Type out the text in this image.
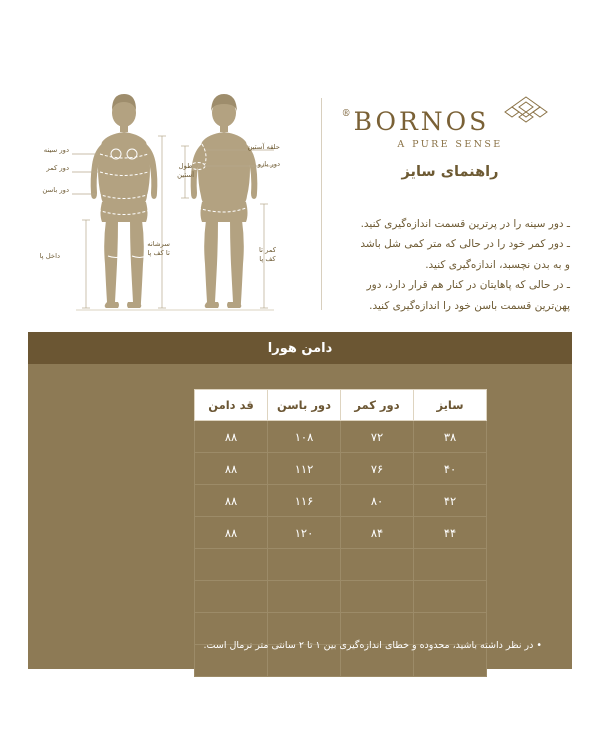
دور سینه
دور کمر
دور باسن
داخل پا
سرشانه
تا کف پا
حلقه آستین
دور بازو
طول
آستین
کمر تا
کف پا
BORNOS®
A PURE SENSE
راهنمای سایز
ـ دور سینه را در پرترین قسمت اندازه‌گیری کنید.
ـ دور کمر خود را در حالی که متر کمی شل باشد
و به بدن نچسبد، اندازه‌گیری کنید.
ـ در حالی که پاهایتان در کنار هم قرار دارد، دور
پهن‌ترین قسمت باسن خود را اندازه‌گیری کنید.
دامن هورا
سایز	دور کمر	دور باسن	قد دامن
۳۸	۷۲	۱۰۸	۸۸
۴۰	۷۶	۱۱۲	۸۸
۴۲	۸۰	۱۱۶	۸۸
۴۴	۸۴	۱۲۰	۸۸

• در نظر داشته باشید، محدوده و خطای اندازه‌گیری بین ۱ تا ۲ سانتی متر نرمال است.
